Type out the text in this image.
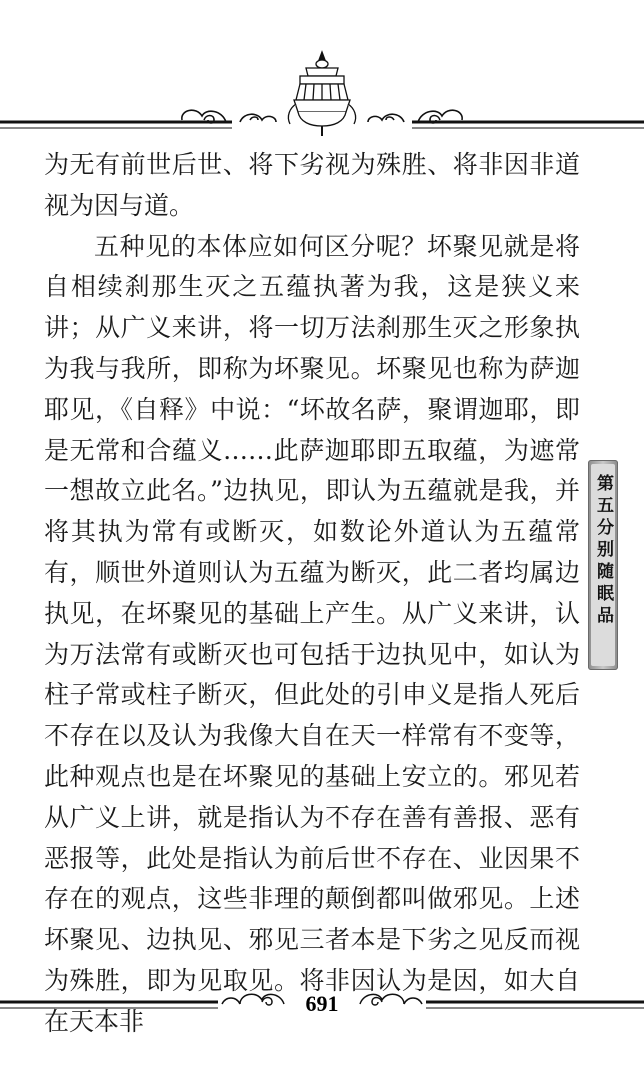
为无有前世后世、将下劣视为殊胜、将非因非道视为因与道。

五种见的本体应如何区分呢？坏聚见就是将自相续刹那生灭之五蕴执著为我，这是狭义来讲；从广义来讲，将一切万法刹那生灭之形象执为我与我所，即称为坏聚见。坏聚见也称为萨迦耶见，《自释》中说：“坏故名萨，聚谓迦耶，即是无常和合蕴义……此萨迦耶即五取蕴，为遮常一想故立此名。”边执见，即认为五蕴就是我，并将其执为常有或断灭，如数论外道认为五蕴常有，顺世外道则认为五蕴为断灭，此二者均属边执见，在坏聚见的基础上产生。从广义来讲，认为万法常有或断灭也可包括于边执见中，如认为柱子常或柱子断灭，但此处的引申义是指人死后不存在以及认为我像大自在天一样常有不变等，此种观点也是在坏聚见的基础上安立的。邪见若从广义上讲，就是指认为不存在善有善报、恶有恶报等，此处是指认为前后世不存在、业因果不存在的观点，这些非理的颠倒都叫做邪见。上述坏聚见、边执见、邪见三者本是下劣之见反而视为殊胜，即为见取见。将非因认为是因，如大自在天本非

第五分别随眠品
691
